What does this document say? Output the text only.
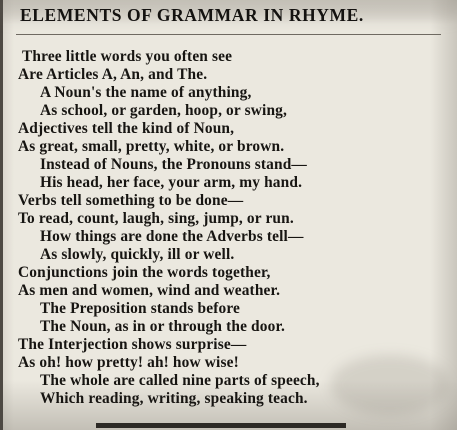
ELEMENTS OF GRAMMAR IN RHYME.
Three little words you often see
Are Articles A, An, and The.
A Noun's the name of anything,
As school, or garden, hoop, or swing,
Adjectives tell the kind of Noun,
As great, small, pretty, white, or brown.
Instead of Nouns, the Pronouns stand—
His head, her face, your arm, my hand.
Verbs tell something to be done—
To read, count, laugh, sing, jump, or run.
How things are done the Adverbs tell—
As slowly, quickly, ill or well.
Conjunctions join the words together,
As men and women, wind and weather.
The Preposition stands before
The Noun, as in or through the door.
The Interjection shows surprise—
As oh! how pretty! ah! how wise!
The whole are called nine parts of speech,
Which reading, writing, speaking teach.
